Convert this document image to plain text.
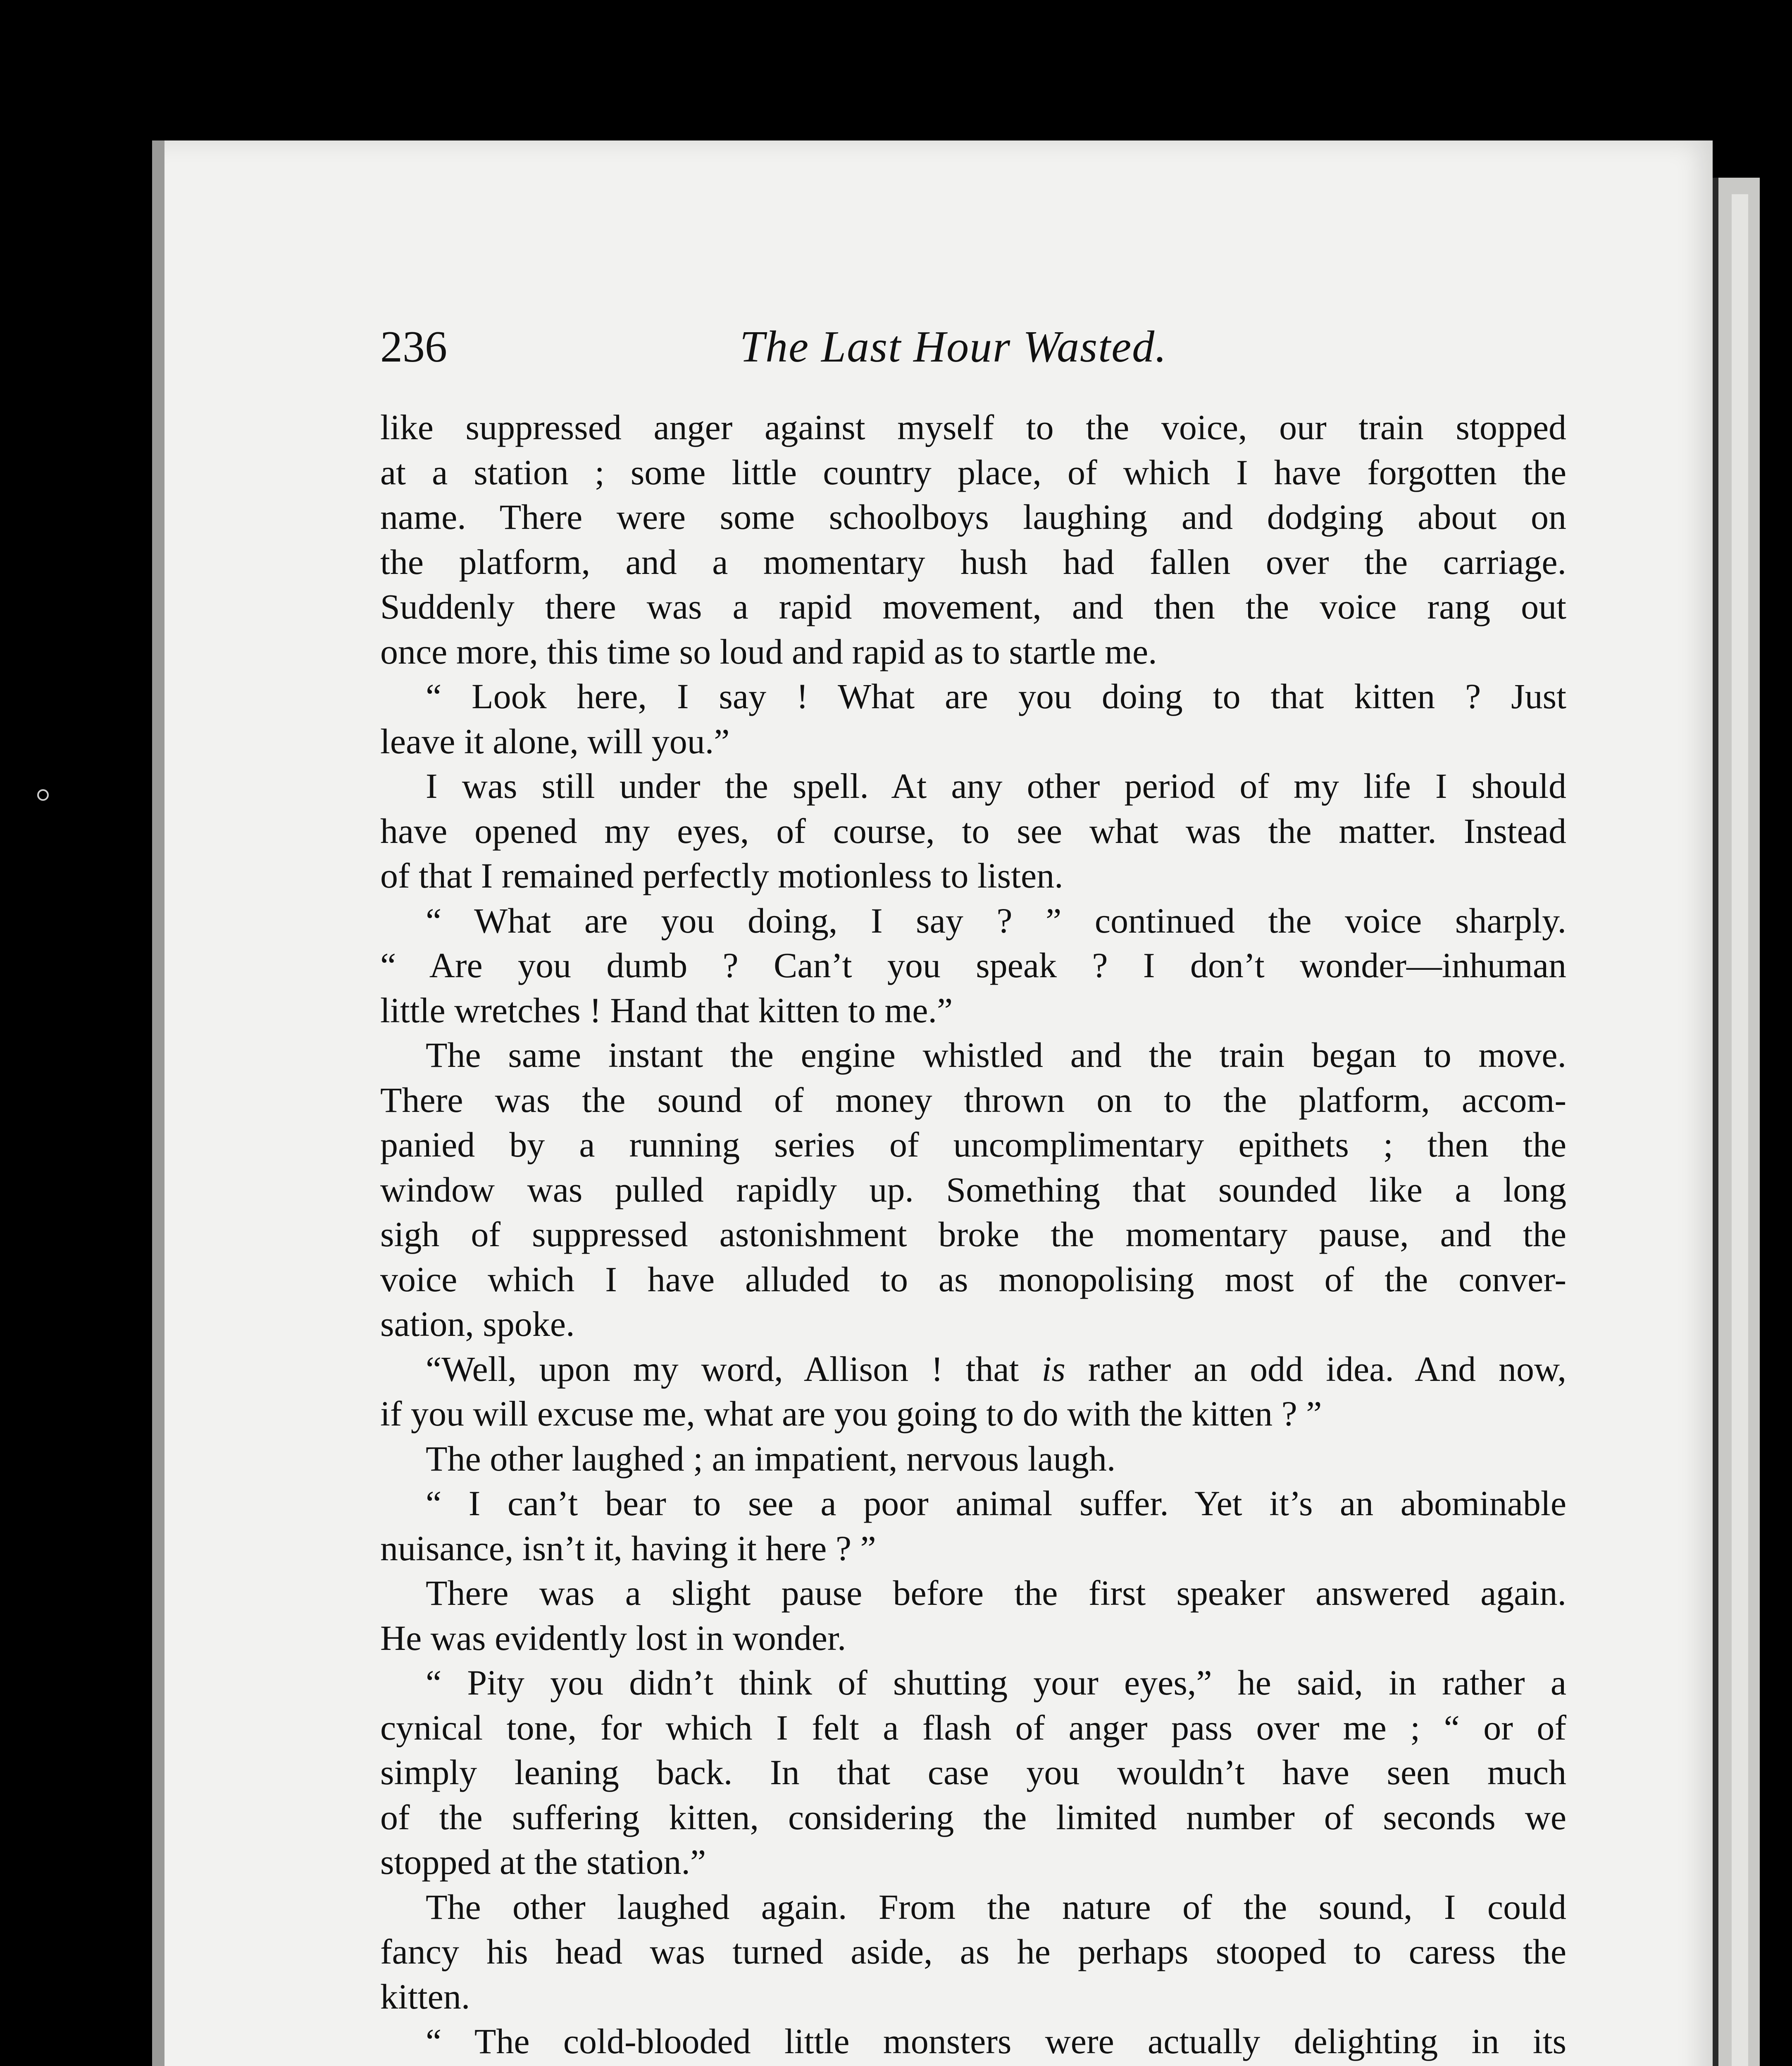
236	The Last Hour Wasted.
like suppressed anger against myself to the voice, our train stopped
at a station ; some little country place, of which I have forgotten the
name. There were some schoolboys laughing and dodging about on
the platform, and a momentary hush had fallen over the carriage.
Suddenly there was a rapid movement, and then the voice rang out
once more, this time so loud and rapid as to startle me.
“ Look here, I say ! What are you doing to that kitten ? Just
leave it alone, will you.”
I was still under the spell. At any other period of my life I should
have opened my eyes, of course, to see what was the matter. Instead
of that I remained perfectly motionless to listen.
“ What are you doing, I say ? ” continued the voice sharply.
“ Are you dumb ? Can’t you speak ? I don’t wonder—inhuman
little wretches ! Hand that kitten to me.”
The same instant the engine whistled and the train began to move.
There was the sound of money thrown on to the platform, accom-
panied by a running series of uncomplimentary epithets ; then the
window was pulled rapidly up. Something that sounded like a long
sigh of suppressed astonishment broke the momentary pause, and the
voice which I have alluded to as monopolising most of the conver-
sation, spoke.
“Well, upon my word, Allison ! that is rather an odd idea. And now,
if you will excuse me, what are you going to do with the kitten ? ”
The other laughed ; an impatient, nervous laugh.
“ I can’t bear to see a poor animal suffer. Yet it’s an abominable
nuisance, isn’t it, having it here ? ”
There was a slight pause before the first speaker answered again.
He was evidently lost in wonder.
“ Pity you didn’t think of shutting your eyes,” he said, in rather a
cynical tone, for which I felt a flash of anger pass over me ; “ or of
simply leaning back. In that case you wouldn’t have seen much
of the suffering kitten, considering the limited number of seconds we
stopped at the station.”
The other laughed again. From the nature of the sound, I could
fancy his head was turned aside, as he perhaps stooped to caress the
kitten.
“ The cold-blooded little monsters were actually delighting in its
